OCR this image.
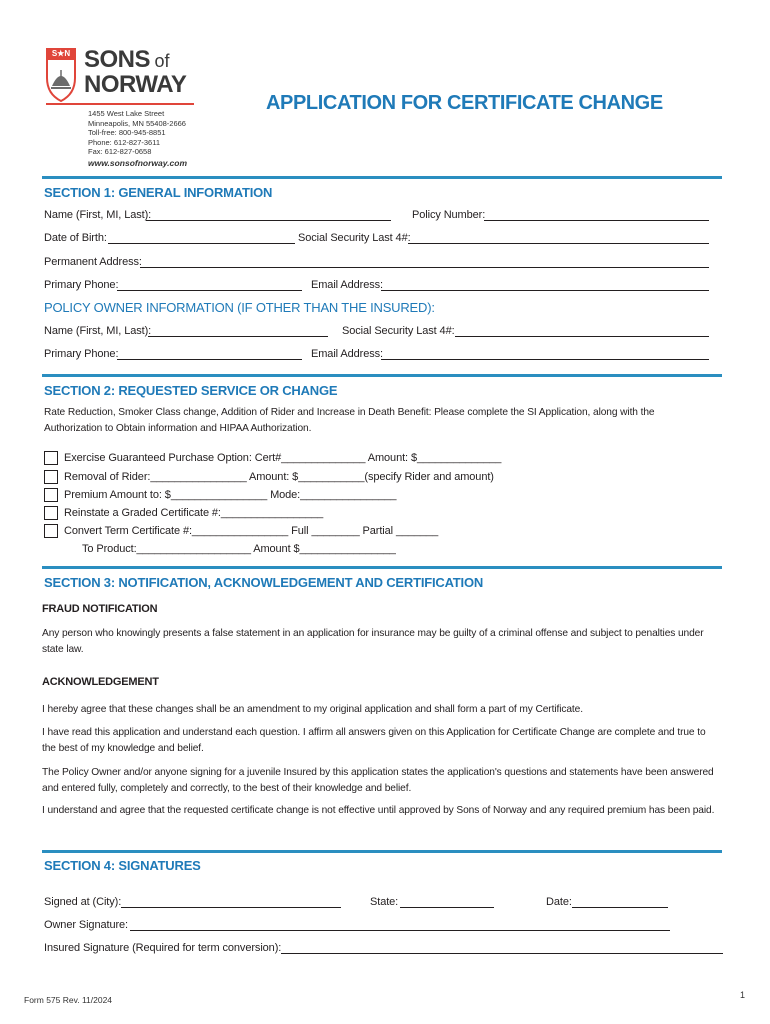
S★N SONS of
NORWAY
1455 West Lake Street
Minneapolis, MN 55408-2666
Toll-free: 800-945-8851
Phone: 612-827-3611
Fax: 612-827-0658
www.sonsofnorway.com
APPLICATION FOR CERTIFICATE CHANGE
SECTION 1: GENERAL INFORMATION
Name (First, MI, Last):	Policy Number:
Date of Birth:	Social Security Last 4#:
Permanent Address:
Primary Phone:	Email Address:
POLICY OWNER INFORMATION (IF OTHER THAN THE INSURED):
Name (First, MI, Last):	Social Security Last 4#:
Primary Phone:	Email Address:
SECTION 2: REQUESTED SERVICE OR CHANGE
Rate Reduction, Smoker Class change, Addition of Rider and Increase in Death Benefit: Please complete the SI Application, along with the Authorization to Obtain information and HIPAA Authorization.
Exercise Guaranteed Purchase Option: Cert#______________ Amount: $______________
Removal of Rider:________________ Amount: $___________(specify Rider and amount)
Premium Amount to: $________________ Mode:________________
Reinstate a Graded Certificate #:_________________
Convert Term Certificate #:________________ Full ________ Partial _______
To Product:___________________ Amount $________________
SECTION 3: NOTIFICATION, ACKNOWLEDGEMENT AND CERTIFICATION
FRAUD NOTIFICATION
Any person who knowingly presents a false statement in an application for insurance may be guilty of a criminal offense and subject to penalties under state law.
ACKNOWLEDGEMENT
I hereby agree that these changes shall be an amendment to my original application and shall form a part of my Certificate.
I have read this application and understand each question. I affirm all answers given on this Application for Certificate Change are complete and true to the best of my knowledge and belief.
The Policy Owner and/or anyone signing for a juvenile Insured by this application states the application's questions and statements have been answered and entered fully, completely and correctly, to the best of their knowledge and belief.
I understand and agree that the requested certificate change is not effective until approved by Sons of Norway and any required premium has been paid.
SECTION 4: SIGNATURES
Signed at (City):	State:	Date:
Owner Signature:
Insured Signature (Required for term conversion):
Form 575 Rev. 11/2024	1
